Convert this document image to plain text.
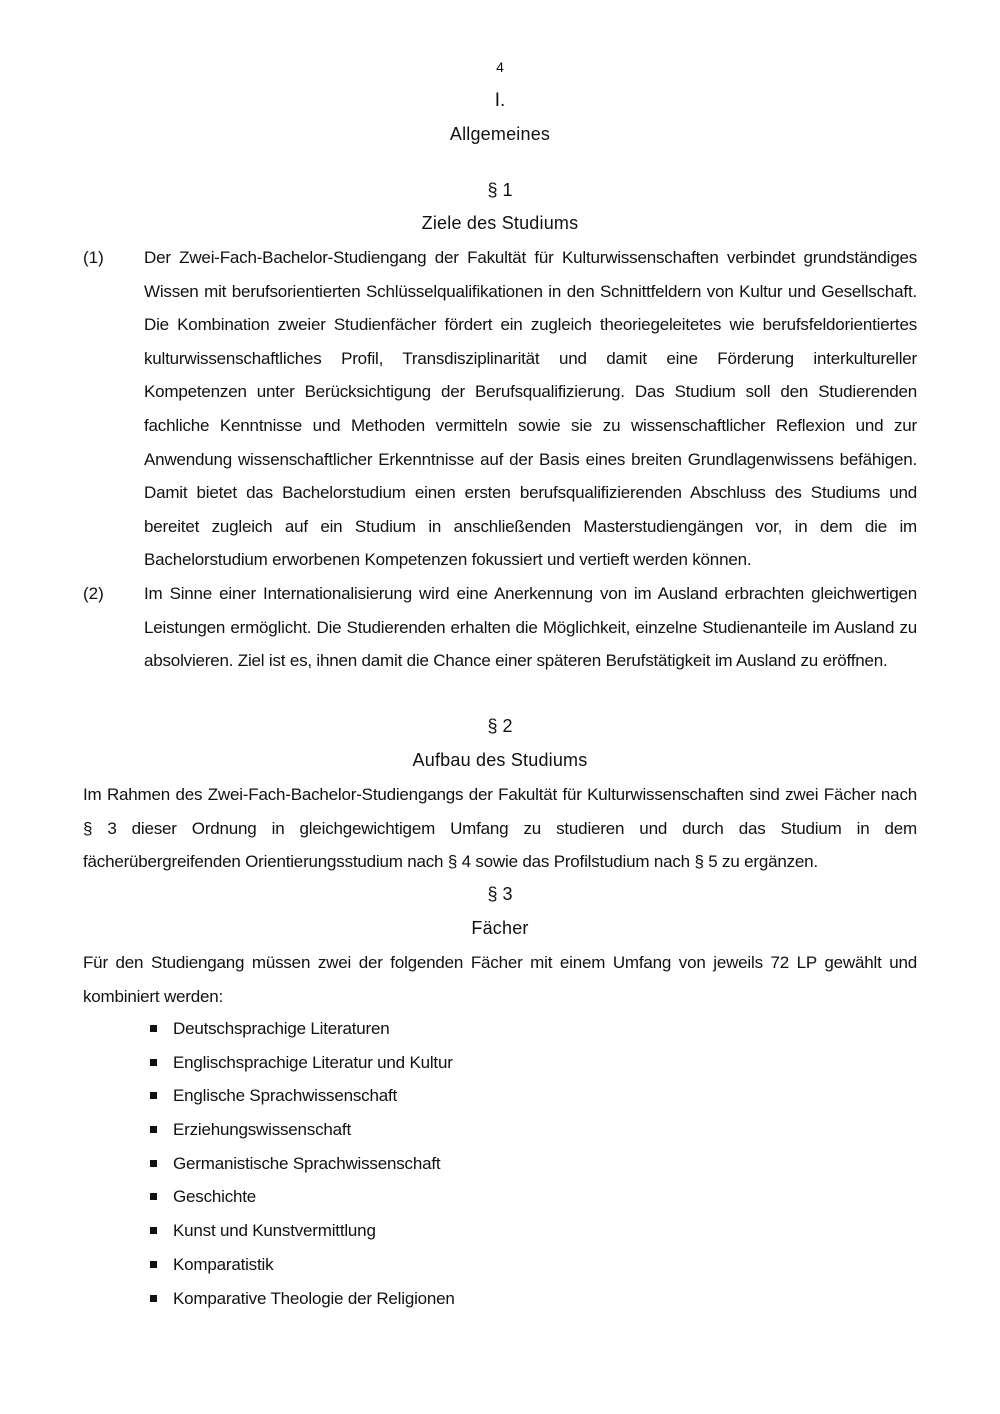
4
I.
Allgemeines
§ 1
Ziele des Studiums
(1) Der Zwei-Fach-Bachelor-Studiengang der Fakultät für Kulturwissenschaften verbindet grundständiges Wissen mit berufsorientierten Schlüsselqualifikationen in den Schnittfeldern von Kultur und Gesellschaft. Die Kombination zweier Studienfächer fördert ein zugleich theoriegeleitetes wie berufsfeldorientiertes kulturwissenschaftliches Profil, Transdisziplinarität und damit eine Förderung interkultureller Kompetenzen unter Berücksichtigung der Berufsqualifizierung. Das Studium soll den Studierenden fachliche Kenntnisse und Methoden vermitteln sowie sie zu wissenschaftlicher Reflexion und zur Anwendung wissenschaftlicher Erkenntnisse auf der Basis eines breiten Grundlagenwissens befähigen. Damit bietet das Bachelorstudium einen ersten berufsqualifizierenden Abschluss des Studiums und bereitet zugleich auf ein Studium in anschließenden Masterstudiengängen vor, in dem die im Bachelorstudium erworbenen Kompetenzen fokussiert und vertieft werden können.
(2) Im Sinne einer Internationalisierung wird eine Anerkennung von im Ausland erbrachten gleichwertigen Leistungen ermöglicht. Die Studierenden erhalten die Möglichkeit, einzelne Studienanteile im Ausland zu absolvieren. Ziel ist es, ihnen damit die Chance einer späteren Berufstätigkeit im Ausland zu eröffnen.
§ 2
Aufbau des Studiums
Im Rahmen des Zwei-Fach-Bachelor-Studiengangs der Fakultät für Kulturwissenschaften sind zwei Fächer nach § 3 dieser Ordnung in gleichgewichtigem Umfang zu studieren und durch das Studium in dem fächerübergreifenden Orientierungsstudium nach § 4 sowie das Profilstudium nach § 5 zu ergänzen.
§ 3
Fächer
Für den Studiengang müssen zwei der folgenden Fächer mit einem Umfang von jeweils 72 LP gewählt und kombiniert werden:
Deutschsprachige Literaturen
Englischsprachige Literatur und Kultur
Englische Sprachwissenschaft
Erziehungswissenschaft
Germanistische Sprachwissenschaft
Geschichte
Kunst und Kunstvermittlung
Komparatistik
Komparative Theologie der Religionen
